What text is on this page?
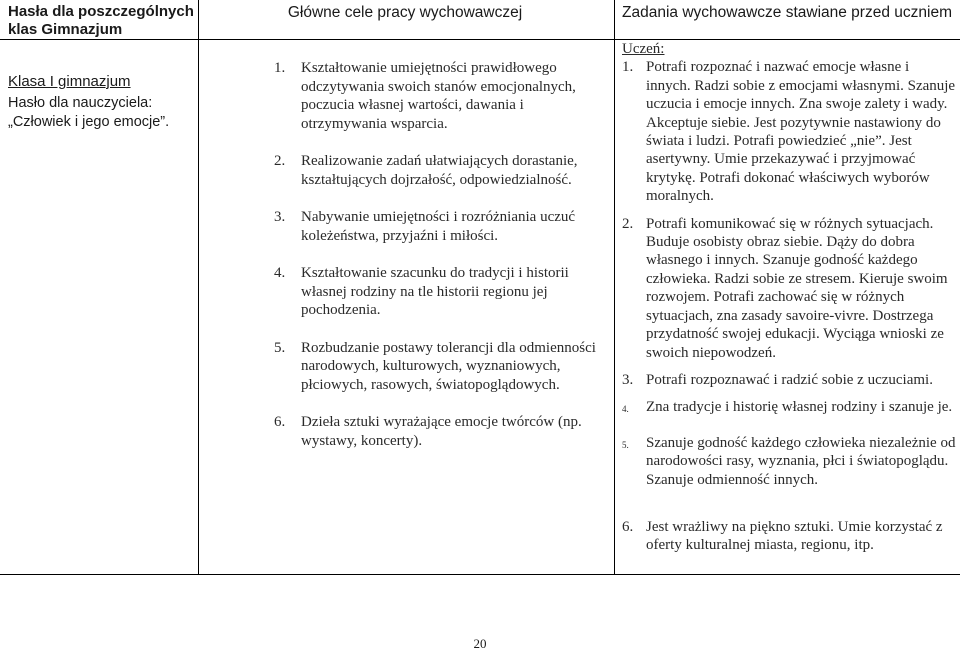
Hasła dla poszczególnych klas Gimnazjum
Główne cele pracy wychowawczej	Zadania wychowawcze stawiane przed uczniem
Klasa I gimnazjum
Hasło dla nauczyciela:
„Człowiek i jego emocje”.
1. Kształtowanie umiejętności prawidłowego odczytywania swoich stanów emocjonalnych, poczucia własnej wartości, dawania i otrzymywania wsparcia.
2. Realizowanie zadań ułatwiających dorastanie, kształtujących dojrzałość, odpowiedzialność.
3. Nabywanie umiejętności i rozróżniania uczuć koleżeństwa, przyjaźni i miłości.
4. Kształtowanie szacunku do tradycji i historii własnej rodziny na tle historii regionu jej pochodzenia.
5. Rozbudzanie postawy tolerancji dla odmienności narodowych, kulturowych, wyznaniowych, płciowych, rasowych, światopoglądowych.
6. Dzieła sztuki wyrażające emocje twórców (np. wystawy, koncerty).
Uczeń:
1. Potrafi rozpoznać i nazwać emocje własne i innych. Radzi sobie z emocjami własnymi. Szanuje uczucia i emocje innych. Zna swoje zalety i wady. Akceptuje siebie. Jest pozytywnie nastawiony do świata i ludzi. Potrafi powiedzieć „nie”. Jest asertywny. Umie przekazywać i przyjmować krytykę. Potrafi dokonać właściwych wyborów moralnych.
2. Potrafi komunikować się w różnych sytuacjach. Buduje osobisty obraz siebie. Dąży do dobra własnego i innych. Szanuje godność każdego człowieka. Radzi sobie ze stresem. Kieruje swoim rozwojem. Potrafi zachować się w różnych sytuacjach, zna zasady savoire-vivre. Dostrzega przydatność swojej edukacji. Wyciąga wnioski ze swoich niepowodzeń.
3. Potrafi rozpoznawać i radzić sobie z uczuciami.
4. Zna tradycje i historię własnej rodziny i szanuje je.
5. Szanuje godność każdego człowieka niezależnie od narodowości rasy, wyznania, płci i światopoglądu. Szanuje odmienność innych.
6. Jest wrażliwy na piękno sztuki. Umie korzystać z oferty kulturalnej miasta, regionu, itp.
20
